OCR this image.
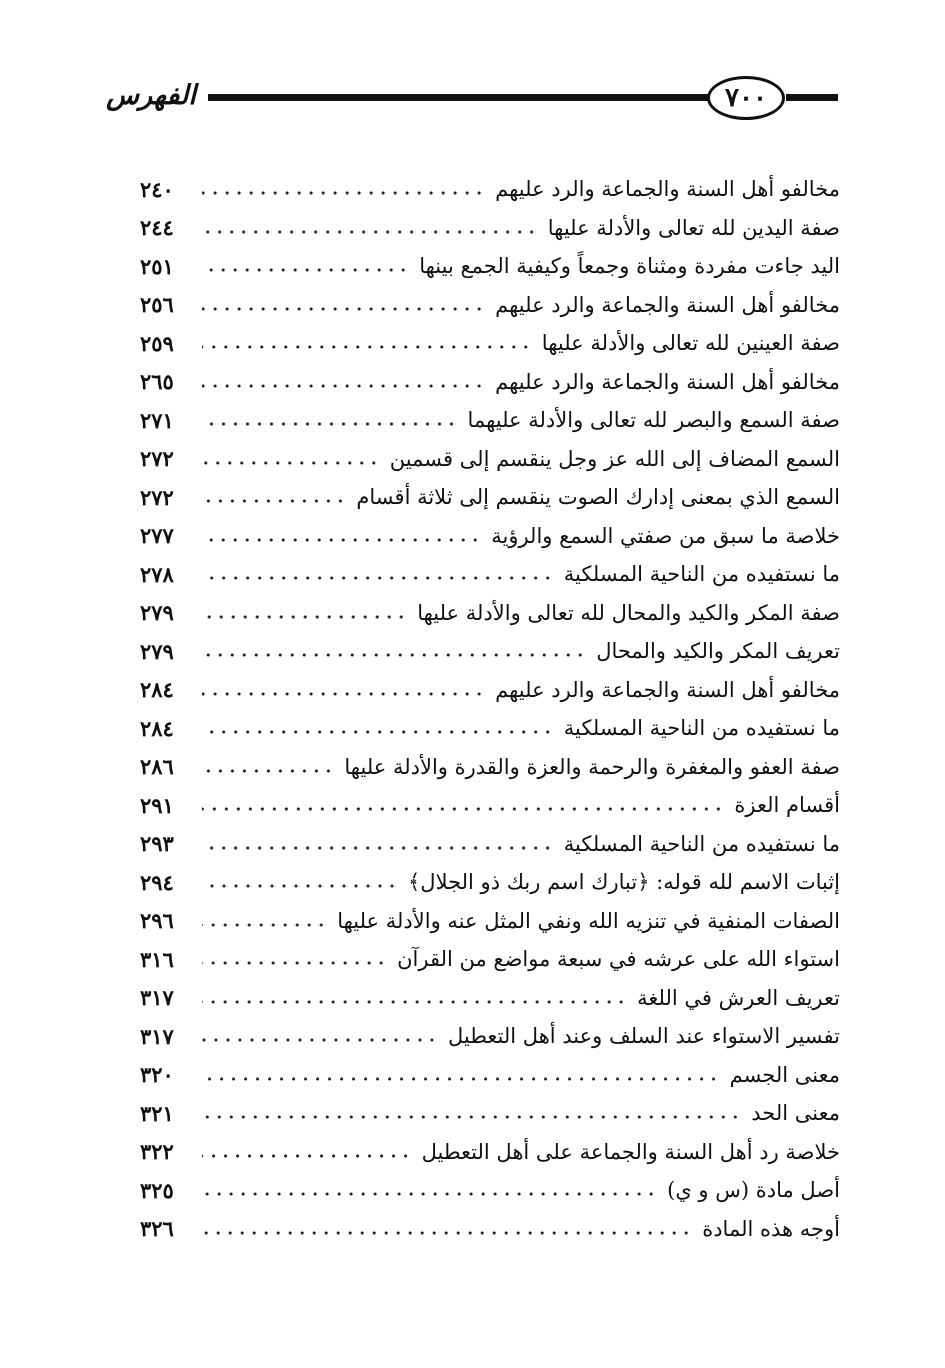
٧٠٠
الفهرس
٢٤٠	مخالفو أهل السنة والجماعة والرد عليهم
٢٤٤	صفة اليدين لله تعالى والأدلة عليها
٢٥١	اليد جاءت مفردة ومثناة وجمعاً وكيفية الجمع بينها
٢٥٦	مخالفو أهل السنة والجماعة والرد عليهم
٢٥٩	صفة العينين لله تعالى والأدلة عليها
٢٦٥	مخالفو أهل السنة والجماعة والرد عليهم
٢٧١	صفة السمع والبصر لله تعالى والأدلة عليهما
٢٧٢	السمع المضاف إلى الله عز وجل ينقسم إلى قسمين
٢٧٢	السمع الذي بمعنى إدارك الصوت ينقسم إلى ثلاثة أقسام
٢٧٧	خلاصة ما سبق من صفتي السمع والرؤية
٢٧٨	ما نستفيده من الناحية المسلكية
٢٧٩	صفة المكر والكيد والمحال لله تعالى والأدلة عليها
٢٧٩	تعريف المكر والكيد والمحال
٢٨٤	مخالفو أهل السنة والجماعة والرد عليهم
٢٨٤	ما نستفيده من الناحية المسلكية
٢٨٦	صفة العفو والمغفرة والرحمة والعزة والقدرة والأدلة عليها
٢٩١	أقسام العزة
٢٩٣	ما نستفيده من الناحية المسلكية
٢٩٤	إثبات الاسم لله قوله: ﴿تبارك اسم ربك ذو الجلال﴾
٢٩٦	الصفات المنفية في تنزيه الله ونفي المثل عنه والأدلة عليها
٣١٦	استواء الله على عرشه في سبعة مواضع من القرآن
٣١٧	تعريف العرش في اللغة
٣١٧	تفسير الاستواء عند السلف وعند أهل التعطيل
٣٢٠	معنى الجسم
٣٢١	معنى الحد
٣٢٢	خلاصة رد أهل السنة والجماعة على أهل التعطيل
٣٢٥	أصل مادة (س و ي)
٣٢٦	أوجه هذه المادة
